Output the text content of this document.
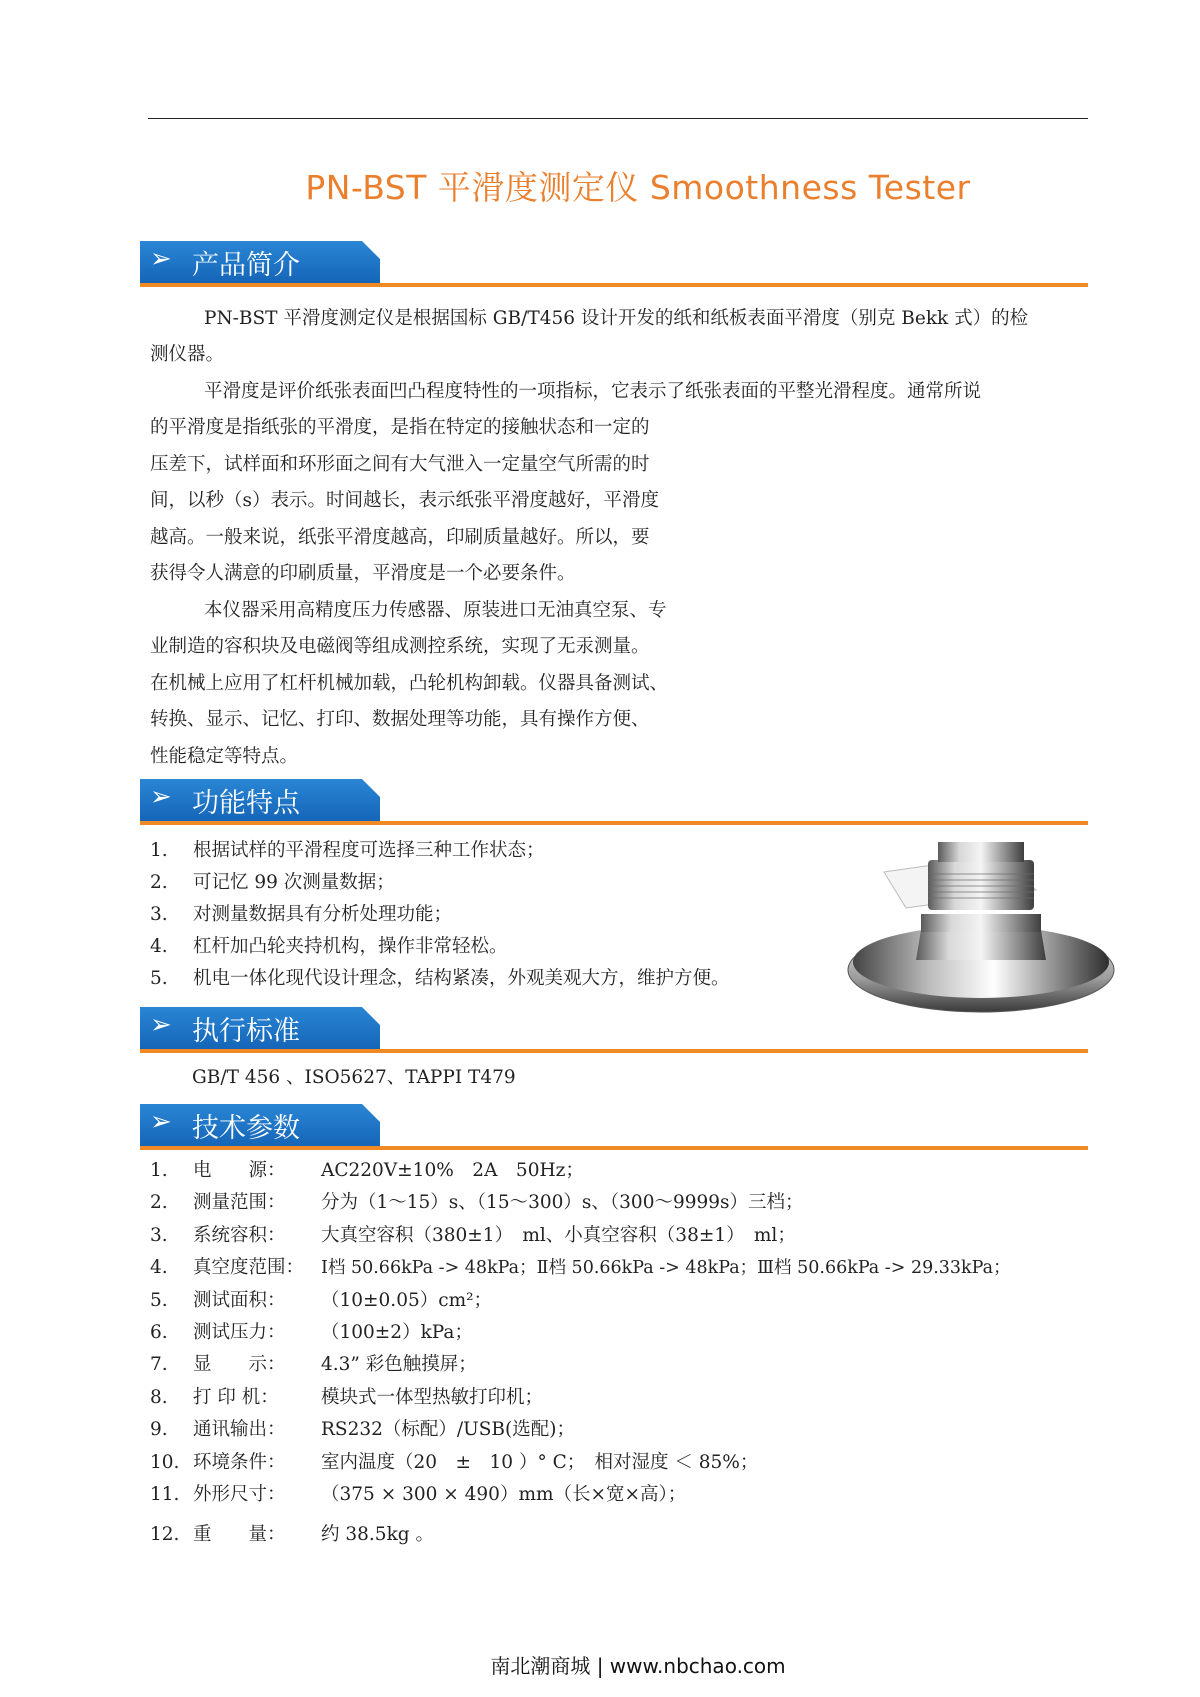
PN-BST 平滑度测定仪 Smoothness Tester
➢ 产品简介
PN-BST 平滑度测定仪是根据国标 GB/T456 设计开发的纸和纸板表面平滑度（别克 Bekk 式）的检
测仪器。
平滑度是评价纸张表面凹凸程度特性的一项指标，它表示了纸张表面的平整光滑程度。通常所说
的平滑度是指纸张的平滑度，是指在特定的接触状态和一定的
压差下，试样面和环形面之间有大气泄入一定量空气所需的时
间，以秒（s）表示。时间越长，表示纸张平滑度越好，平滑度
越高。一般来说，纸张平滑度越高，印刷质量越好。所以，要
获得令人满意的印刷质量，平滑度是一个必要条件。
本仪器采用高精度压力传感器、原装进口无油真空泵、专
业制造的容积块及电磁阀等组成测控系统，实现了无汞测量。
在机械上应用了杠杆机械加载，凸轮机构卸载。仪器具备测试、
转换、显示、记忆、打印、数据处理等功能，具有操作方便、
性能稳定等特点。
➢ 功能特点
1. 根据试样的平滑程度可选择三种工作状态；
2. 可记忆 99 次测量数据；
3. 对测量数据具有分析处理功能；
4. 杠杆加凸轮夹持机构，操作非常轻松。
5. 机电一体化现代设计理念，结构紧凑，外观美观大方，维护方便。
➢ 执行标准
GB/T 456 、ISO5627、TAPPI T479
➢ 技术参数
1. 电　　源： AC220V±10%　2A　50Hz；
2. 测量范围： 分为（1～15）s、（15～300）s、（300～9999s）三档；
3. 系统容积： 大真空容积（380±1）　ml、小真空容积（38±1）　ml；
4. 真空度范围： Ⅰ档 50.66kPa -> 48kPa；Ⅱ档 50.66kPa -> 48kPa；Ⅲ档 50.66kPa -> 29.33kPa；
5. 测试面积： （10±0.05）cm²；
6. 测试压力： （100±2）kPa；
7. 显　　示： 4.3” 彩色触摸屏；
8. 打 印 机： 模块式一体型热敏打印机；
9. 通讯输出： RS232（标配）/USB(选配)；
10. 环境条件： 室内温度（20　±　10 ）° C；　相对湿度 ＜ 85%；
11. 外形尺寸： （375 × 300 × 490）mm（长×宽×高）；
12. 重　　量： 约 38.5kg 。
南北潮商城 | www.nbchao.com
